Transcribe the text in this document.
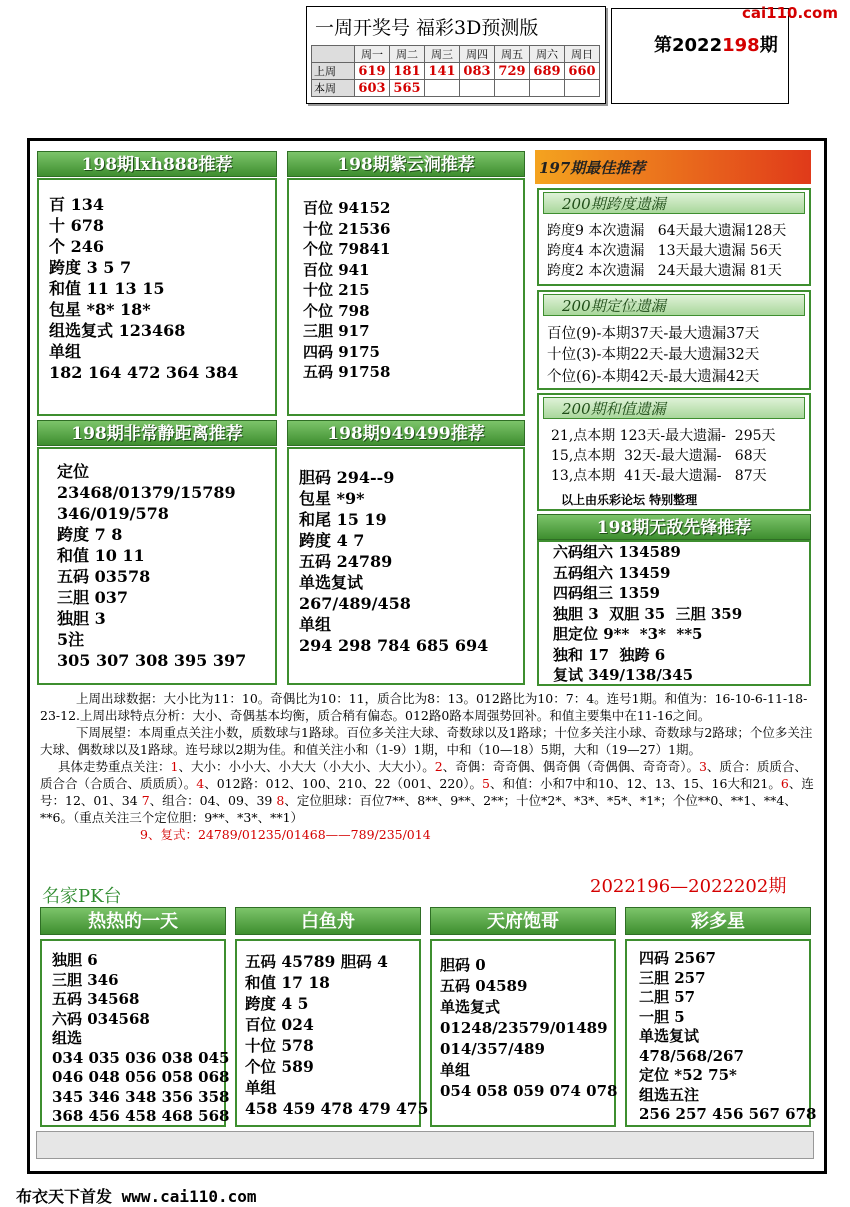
一周开奖号 福彩3D预测版
	周一	周二	周三	周四	周五	周六	周日
上周	619	181	141	083	729	689	660
本周	603	565					
第2022198期
cai110.com
198期lxh888推荐
百 134
十 678
个 246
跨度 3 5 7
和值 11 13 15
包星 *8* 18*
组选复式 123468
单组
182 164 472 364 384
198期紫云涧推荐
百位 94152
十位 21536
个位 79841
百位 941
十位 215
个位 798
三胆 917
四码 9175
五码 91758
198期非常静距离推荐
定位
23468/01379/15789
346/019/578
跨度 7 8
和值 10 11
五码 03578
三胆 037
独胆 3
5注
305 307 308 395 397
198期949499推荐
胆码 294--9
包星 *9*
和尾 15 19
跨度 4 7
五码 24789
单选复试
267/489/458
单组
294 298 784 685 694
197期最佳推荐
200期跨度遗漏
跨度9 本次遗漏   64天最大遗漏128天
跨度4 本次遗漏   13天最大遗漏 56天
跨度2 本次遗漏   24天最大遗漏 81天
200期定位遗漏
百位(9)-本期37天-最大遗漏37天
十位(3)-本期22天-最大遗漏32天
个位(6)-本期42天-最大遗漏42天
200期和值遗漏
21,点本期 123天-最大遗漏-  295天
15,点本期  32天-最大遗漏-   68天
13,点本期  41天-最大遗漏-   87天
以上由乐彩论坛 特别整理
198期无敌先锋推荐
六码组六 134589
五码组六 13459
四码组三 1359
独胆 3  双胆 35  三胆 359
胆定位 9**  *3*  **5
独和 17  独跨 6
复试 349/138/345

上周出球数据：大小比为11：10。奇偶比为10：11，质合比为8：13。012路比为10：7：4。连号1期。和值为：16-10-6-11-18-23-12.上周出球特点分析：大小、奇偶基本均衡，质合稍有偏态。012路0路本周强势回补。和值主要集中在11-16之间。

下周展望：本周重点关注小数，质数球与1路球。百位多关注大球、奇数球以及1路球；十位多关注小球、奇数球与2路球；个位多关注大球、偶数球以及1路球。连号球以2期为佳。和值关注小和（1-9）1期，中和（10—18）5期，大和（19—27）1期。

具体走势重点关注：1、大小：小小大、小大大（小大小、大大小）。2、奇偶：奇奇偶、偶奇偶（奇偶偶、奇奇奇）。3、质合：质质合、质合合（合质合、质质质）。4、012路：012、100、210、22（001、220）。5、和值：小和7中和10、12、13、15、16大和21。6、连号：12、01、34 7、组合：04、09、39 8、定位胆球：百位7**、8**、9**、2**；十位*2*、*3*、*5*、*1*；个位**0、**1、**4、**6。（重点关注三个定位胆：9**、*3*、**1）

9、复式：24789/01235/01468——789/235/014

名家PK台	2022196—2022202期
热热的一天
独胆 6
三胆 346
五码 34568
六码 034568
组选
034 035 036 038 045
046 048 056 058 068
345 346 348 356 358
368 456 458 468 568
白鱼舟
五码 45789 胆码 4
和值 17 18
跨度 4 5
百位 024
十位 578
个位 589
单组
458 459 478 479 475
天府饱哥
胆码 0
五码 04589
单选复式
01248/23579/01489
014/357/489
单组
054 058 059 074 078
彩多星
四码 2567
三胆 257
二胆 57
一胆 5
单选复试
478/568/267
定位 *52 75*
组选五注
256 257 456 567 678
布衣天下首发 www.cai110.com
